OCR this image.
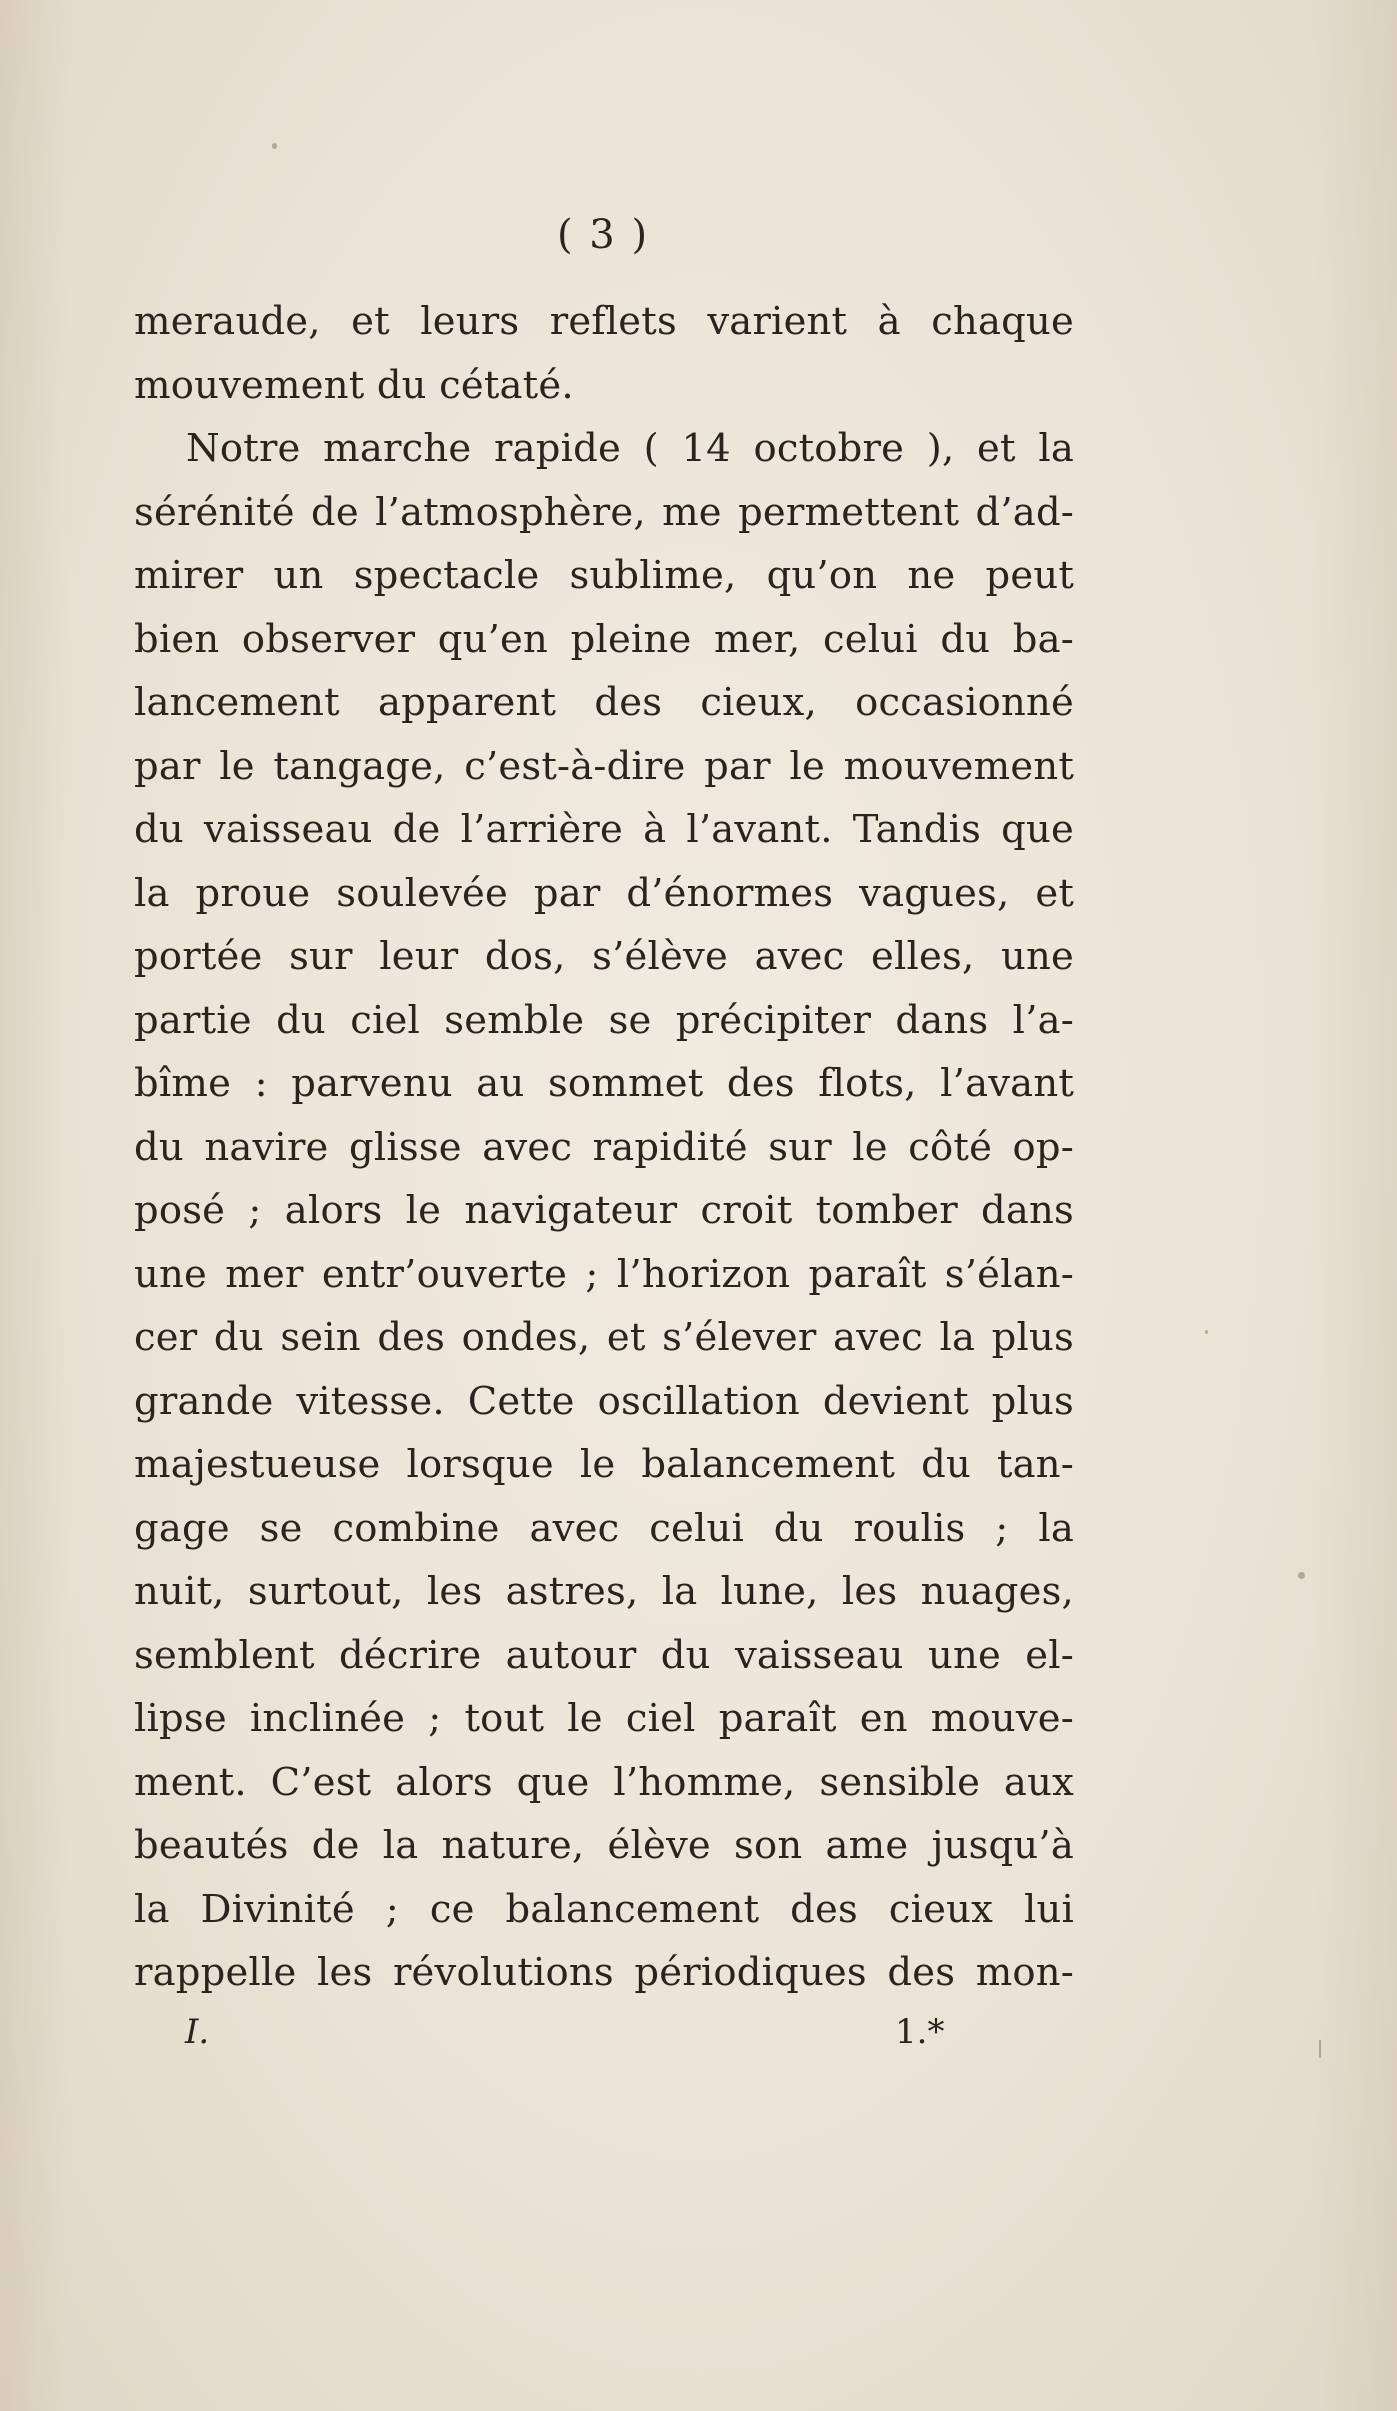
( 3 )
meraude, et leurs reflets varient à chaque
mouvement du cétaté.
Notre marche rapide ( 14 octobre ), et la
sérénité de l’atmosphère, me permettent d’ad-
mirer un spectacle sublime, qu’on ne peut
bien observer qu’en pleine mer, celui du ba-
lancement apparent des cieux, occasionné
par le tangage, c’est-à-dire par le mouvement
du vaisseau de l’arrière à l’avant. Tandis que
la proue soulevée par d’énormes vagues, et
portée sur leur dos, s’élève avec elles, une
partie du ciel semble se précipiter dans l’a-
bîme : parvenu au sommet des flots, l’avant
du navire glisse avec rapidité sur le côté op-
posé ; alors le navigateur croit tomber dans
une mer entr’ouverte ; l’horizon paraît s’élan-
cer du sein des ondes, et s’élever avec la plus
grande vitesse. Cette oscillation devient plus
majestueuse lorsque le balancement du tan-
gage se combine avec celui du roulis ; la
nuit, surtout, les astres, la lune, les nuages,
semblent décrire autour du vaisseau une el-
lipse inclinée ; tout le ciel paraît en mouve-
ment. C’est alors que l’homme, sensible aux
beautés de la nature, élève son ame jusqu’à
la Divinité ; ce balancement des cieux lui
rappelle les révolutions périodiques des mon-
I.	1.*
